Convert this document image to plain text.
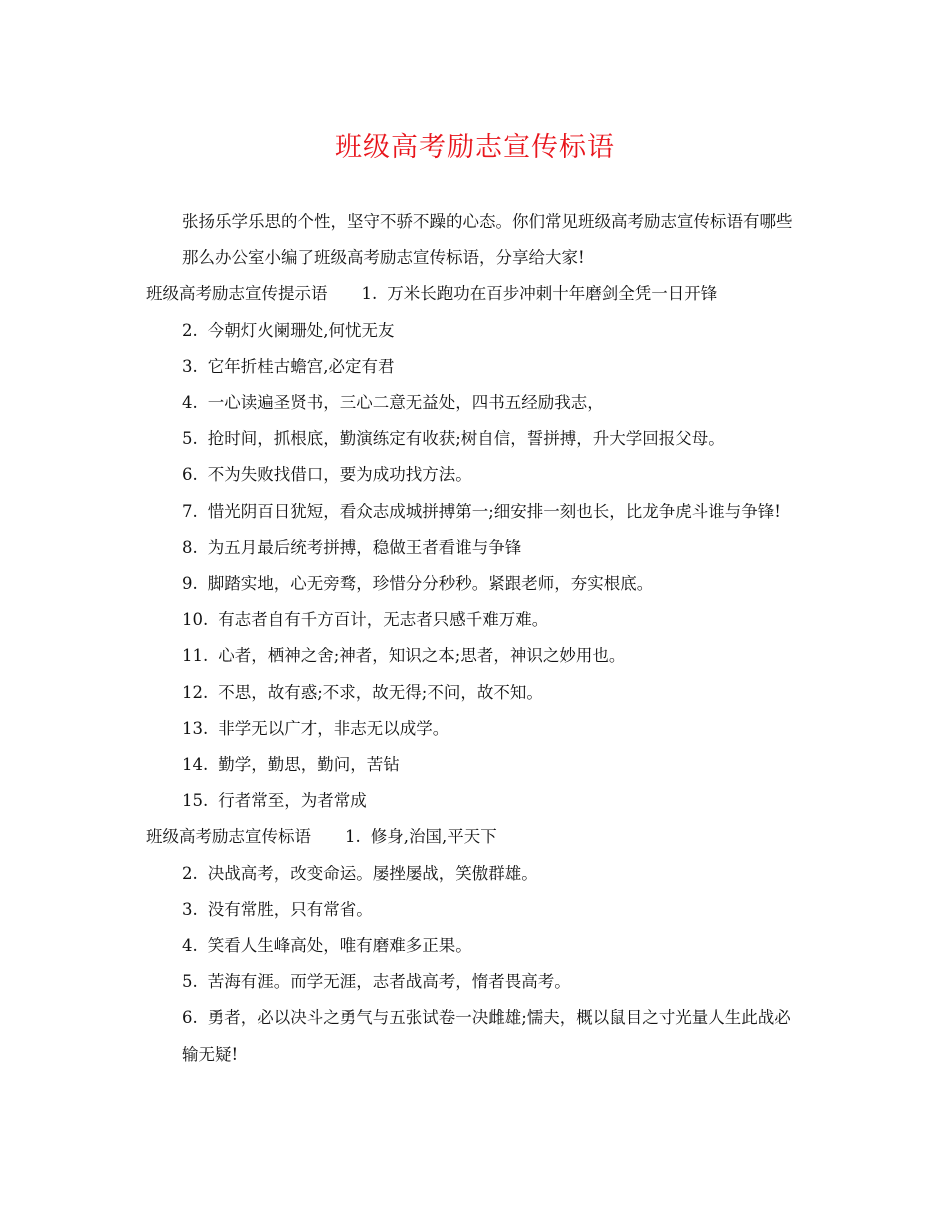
班级高考励志宣传标语

张扬乐学乐思的个性，坚守不骄不躁的心态。你们常见班级高考励志宣传标语有哪些那么办公室小编了班级高考励志宣传标语，分享给大家!

班级高考励志宣传提示语 1. 万米长跑功在百步冲刺十年磨剑全凭一日开锋

2. 今朝灯火阑珊处,何忧无友

3. 它年折桂古蟾宫,必定有君

4. 一心读遍圣贤书，三心二意无益处，四书五经励我志，

5. 抢时间，抓根底，勤演练定有收获;树自信，誓拼搏，升大学回报父母。

6. 不为失败找借口，要为成功找方法。

7. 惜光阴百日犹短，看众志成城拼搏第一;细安排一刻也长，比龙争虎斗谁与争锋!

8. 为五月最后统考拼搏，稳做王者看谁与争锋

9. 脚踏实地，心无旁骛，珍惜分分秒秒。紧跟老师，夯实根底。

10. 有志者自有千方百计，无志者只感千难万难。

11. 心者，栖神之舍;神者，知识之本;思者，神识之妙用也。

12. 不思，故有惑;不求，故无得;不问，故不知。

13. 非学无以广才，非志无以成学。

14. 勤学，勤思，勤问，苦钻

15. 行者常至，为者常成

班级高考励志宣传标语 1. 修身,治国,平天下

2. 决战高考，改变命运。屡挫屡战，笑傲群雄。

3. 没有常胜，只有常省。

4. 笑看人生峰高处，唯有磨难多正果。

5. 苦海有涯。而学无涯，志者战高考，惰者畏高考。

6. 勇者，必以决斗之勇气与五张试卷一决雌雄;懦夫，概以鼠目之寸光量人生此战必输无疑!
